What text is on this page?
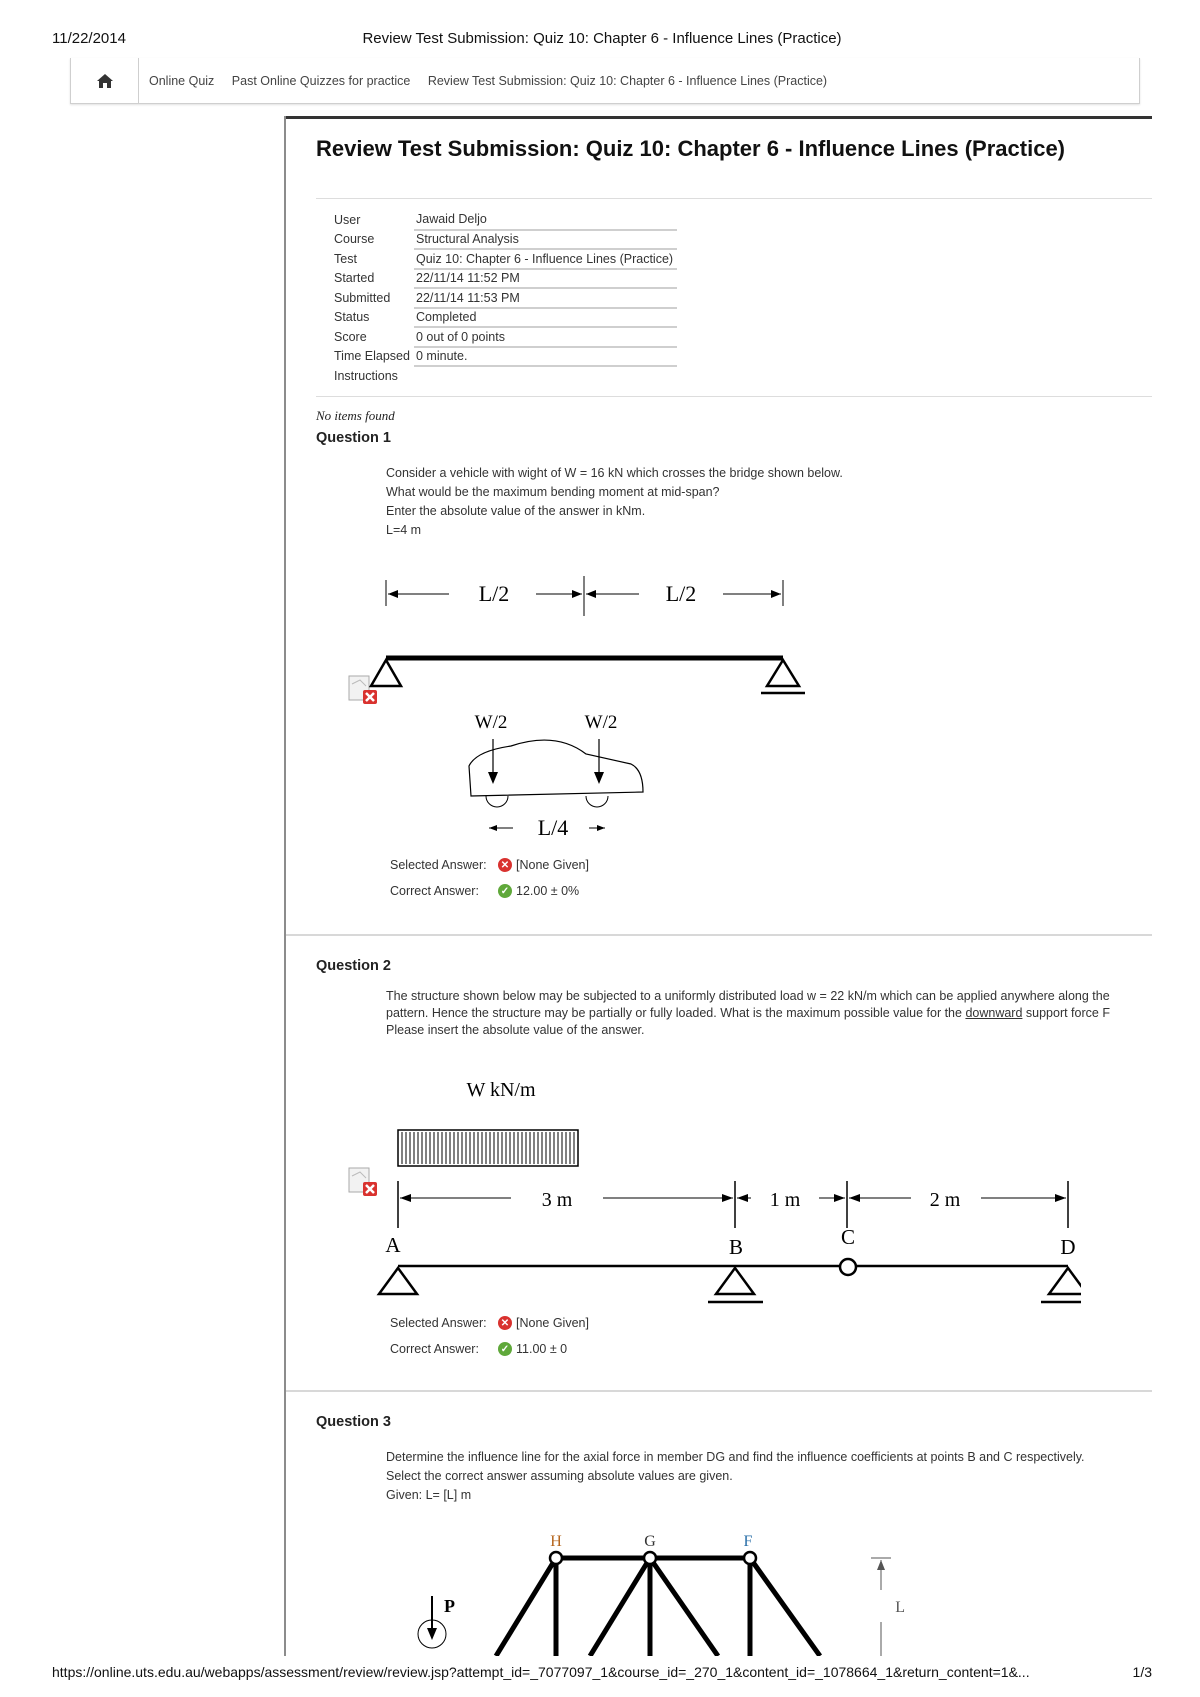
11/22/2014	Review Test Submission: Quiz 10: Chapter 6 - Influence Lines (Practice)
Online Quiz Past Online Quizzes for practice Review Test Submission: Quiz 10: Chapter 6 - Influence Lines (Practice)
Review Test Submission: Quiz 10: Chapter 6 - Influence Lines (Practice)
User	Jawaid Deljo
Course	Structural Analysis
Test	Quiz 10: Chapter 6 - Influence Lines (Practice)
Started	22/11/14 11:52 PM
Submitted	22/11/14 11:53 PM
Status	Completed
Score	0 out of 0 points
Time Elapsed	0 minute.
Instructions	
No items found
Question 1
Consider a vehicle with wight of W = 16 kN which crosses the bridge shown below.
What would be the maximum bending moment at mid-span?
Enter the absolute value of the answer in kNm.
L=4 m
L/2	L/2
W/2	W/2
L/4
Selected Answer:	✕ [None Given]
Correct Answer:	✓ 12.00 ± 0%
Question 2
The structure shown below may be subjected to a uniformly distributed load w = 22 kN/m which can be applied anywhere along the
pattern. Hence the structure may be partially or fully loaded. What is the maximum possible value for the downward support force F
Please insert the absolute value of the answer.
W kN/m
3 m	1 m	2 m
A	B	C	D
Selected Answer:	✕ [None Given]
Correct Answer:	✓ 11.00 ± 0
Question 3
Determine the influence line for the axial force in member DG and find the influence coefficients at points B and C respectively.
Select the correct answer assuming absolute values are given.
Given: L= [L] m
H	G	F
P	L
https://online.uts.edu.au/webapps/assessment/review/review.jsp?attempt_id=_7077097_1&course_id=_270_1&content_id=_1078664_1&return_content=1&...	1/3
